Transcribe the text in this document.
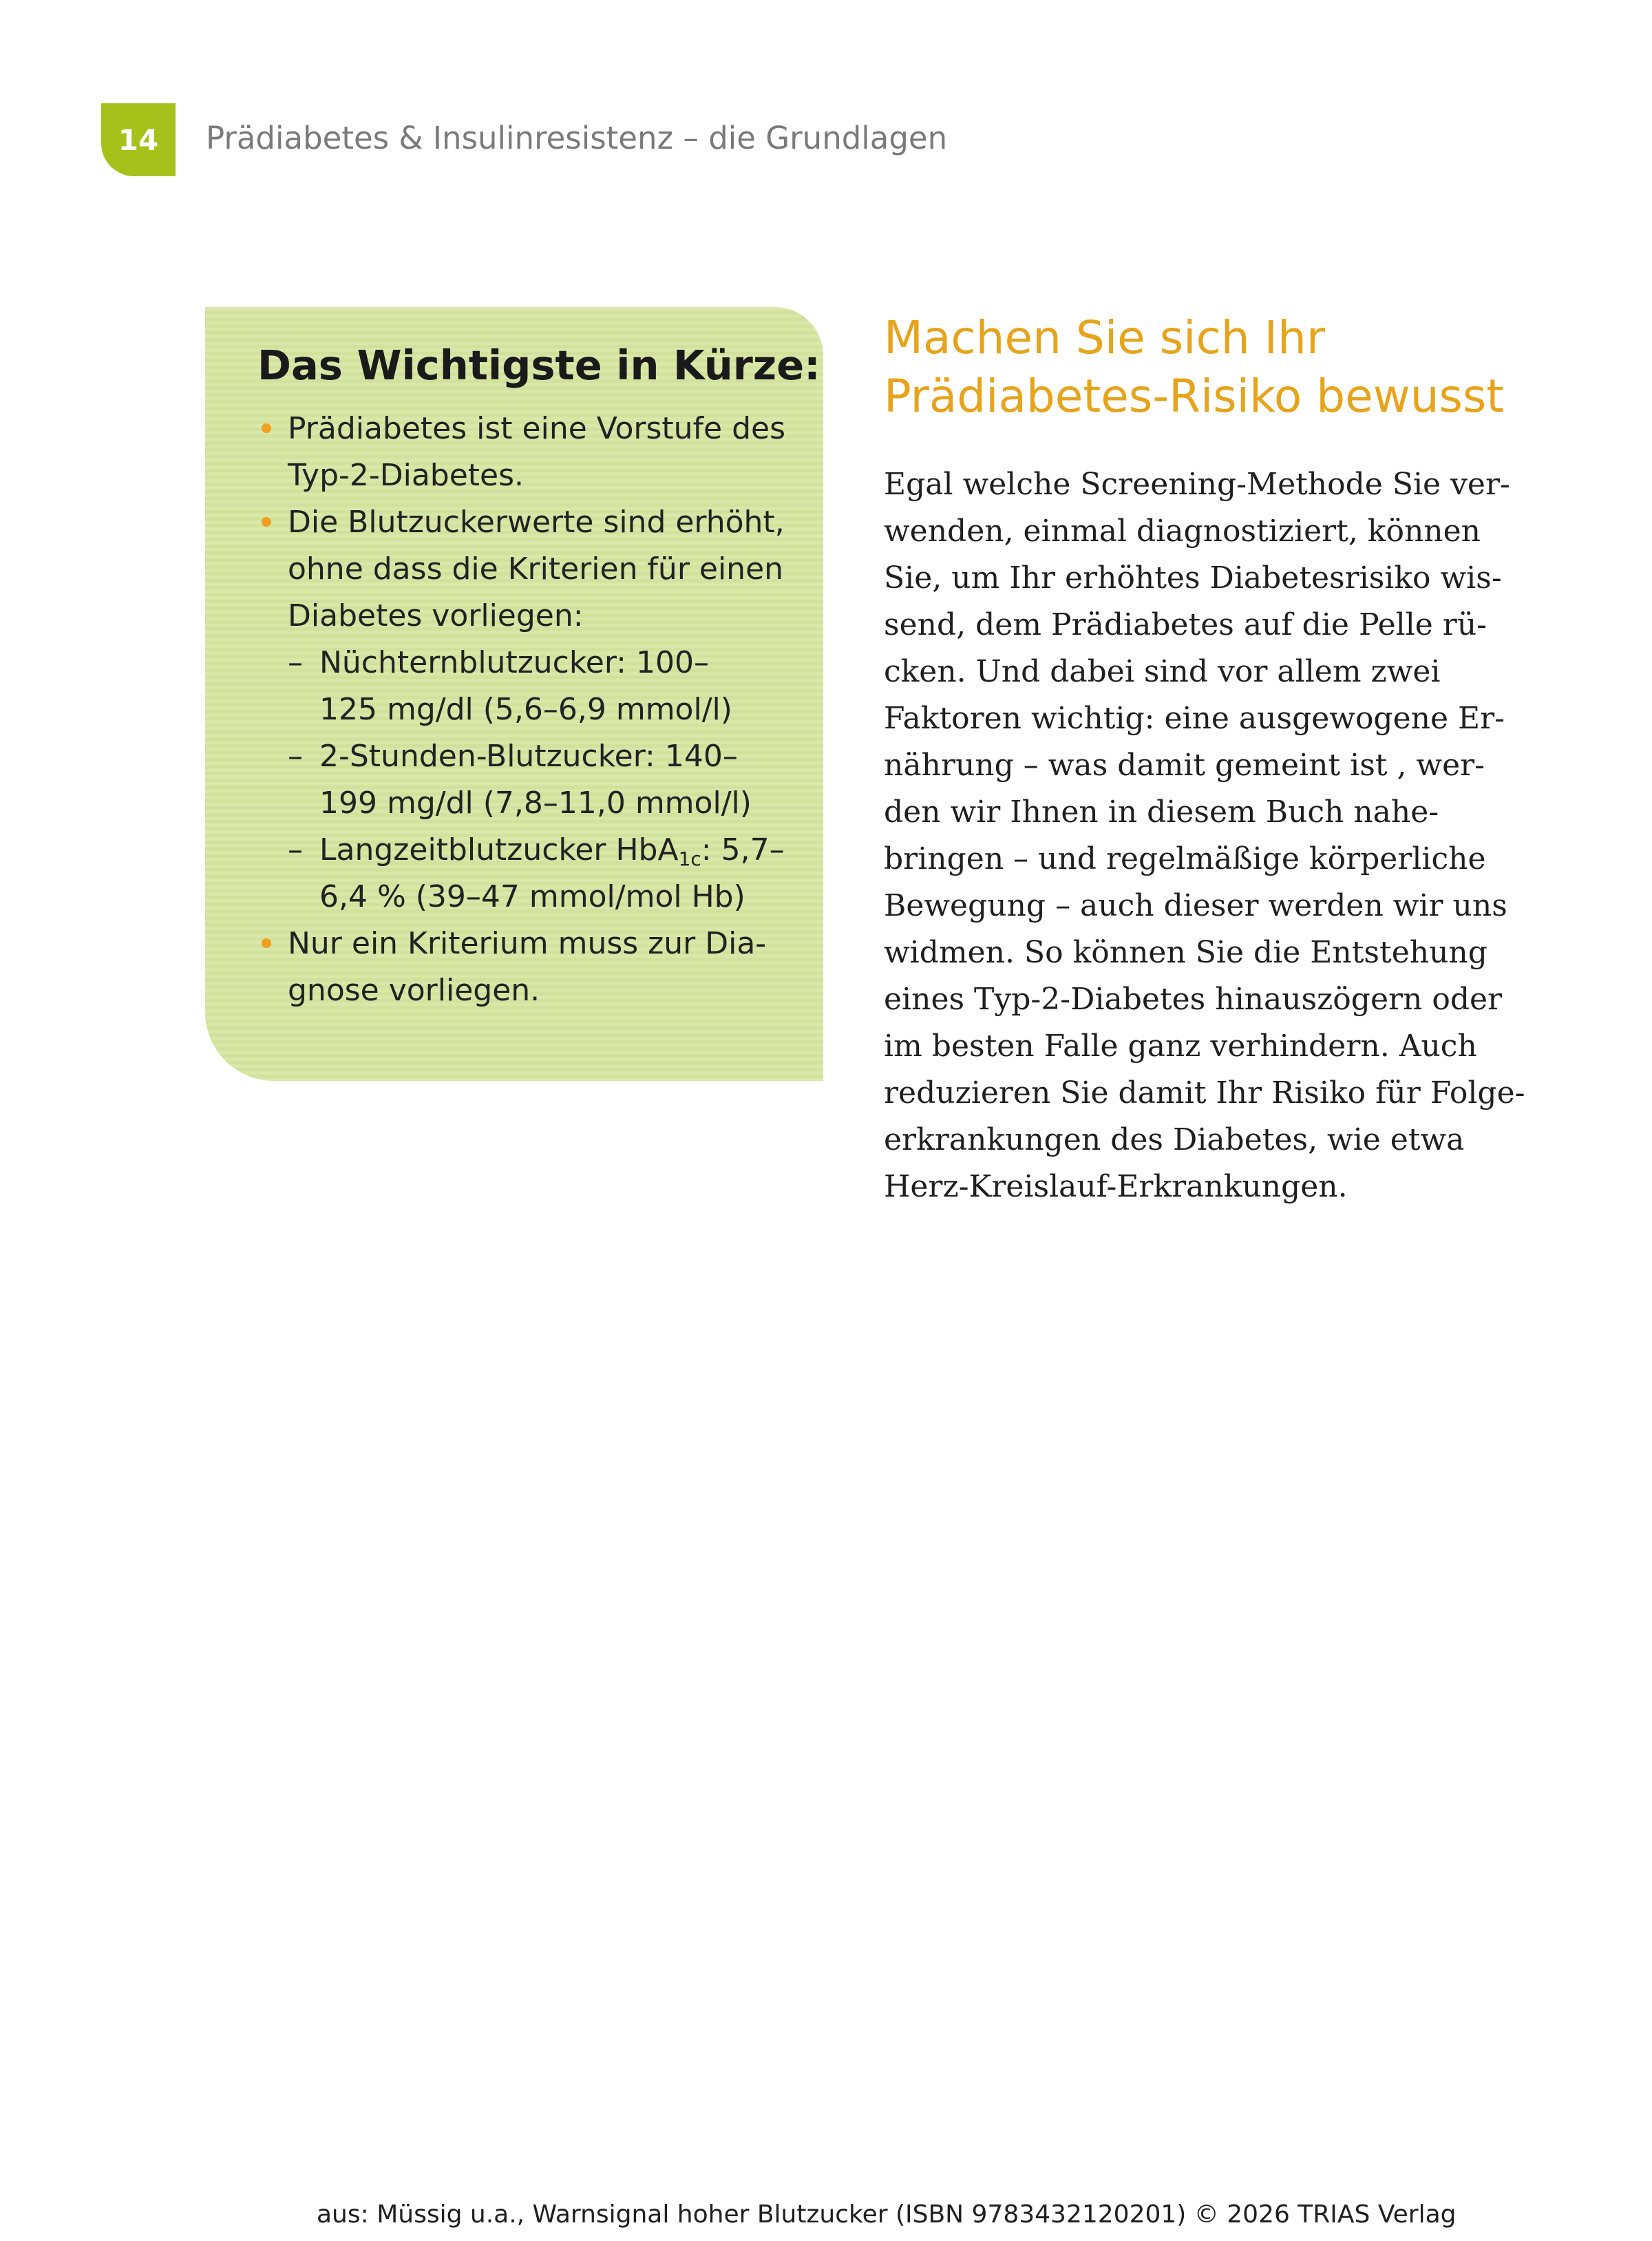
14 Prädiabetes & Insulinresistenz – die Grundlagen
Das Wichtigste in Kürze:
Prädiabetes ist eine Vorstufe des
Typ-2-Diabetes.
Die Blutzuckerwerte sind erhöht,
ohne dass die Kriterien für einen
Diabetes vorliegen:
– Nüchternblutzucker: 100–
125 mg/dl (5,6–6,9 mmol/l)
– 2-Stunden-Blutzucker: 140–
199 mg/dl (7,8–11,0 mmol/l)
– Langzeitblutzucker HbA$_{1c}$: 5,7–
6,4 % (39–47 mmol/mol Hb)
Nur ein Kriterium muss zur Dia-
gnose vorliegen.
Machen Sie sich Ihr
Prädiabetes-Risiko bewusst

Egal welche Screening-Methode Sie ver-
wenden, einmal diagnostiziert, können
Sie, um Ihr erhöhtes Diabetesrisiko wis-
send, dem Prädiabetes auf die Pelle rü-
cken. Und dabei sind vor allem zwei
Faktoren wichtig: eine ausgewogene Er-
nährung – was damit gemeint ist , wer-
den wir Ihnen in diesem Buch nahe-
bringen – und regelmäßige körperliche
Bewegung – auch dieser werden wir uns
widmen. So können Sie die Entstehung
eines Typ-2-Diabetes hinauszögern oder
im besten Falle ganz verhindern. Auch
reduzieren Sie damit Ihr Risiko für Folge-
erkrankungen des Diabetes, wie etwa
Herz-Kreislauf-Erkrankungen.

aus: Müssig u.a., Warnsignal hoher Blutzucker (ISBN 9783432120201) © 2026 TRIAS Verlag
